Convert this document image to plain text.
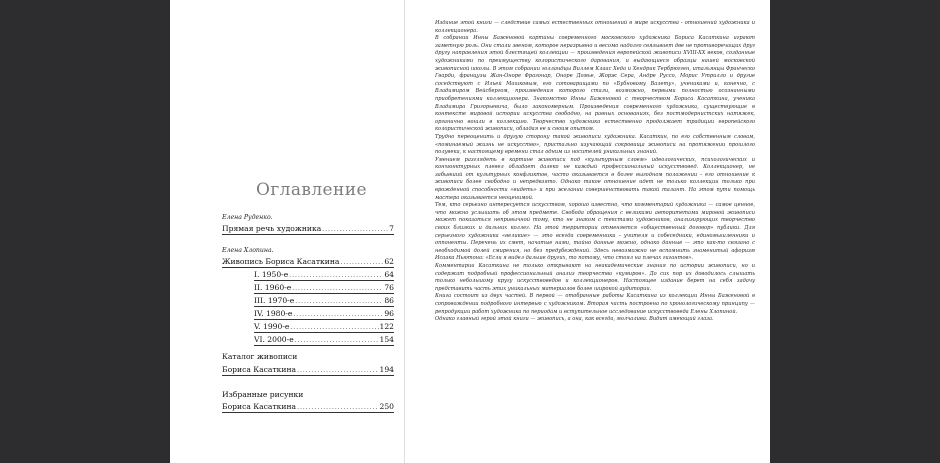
Оглавление
Елена Руденко.
Прямая речь художника .....	7
Елена Хлопина.
Живопись Бориса Касаткина .....	62
I. 1950-е .....	64
II. 1960-е .....	76
III. 1970-е .....	86
IV. 1980-е .....	96
V. 1990-е .....	122
VI. 2000-е .....	154
Каталог живописи
Бориса Касаткина .....	194
Избранные рисунки
Бориса Касаткина .....	250

Издание этой книги — следствие самых естественных отношений в мире искусства - отношений художника и коллекционера.

В собрании Инны Баженовой картины современного московского художника Бориса Касаткина играют заметную роль. Они стали звеном, которое неразрывно и весомо надолго связывает две не противоречащих друг другу направления этой блестящей коллекции — произведения европейской живописи XVIII-XX веков, созданные художниками по преимуществу колористического дарования, и выдающиеся образцы нашей московской живописной школы. В этом собрании голландцы Виллем Клаас Хеда и Хендрик Тербрюгген, итальянцы Франческо Гварди, французы Жан-Оноре Фрагонар, Оноре Домье, Жорж Сера, Андре Руссо, Морис Утрилло и другие соседствуют с Ильей Машковым, его сотоварищами по «Бубновому Валету», учениками и, конечно, с Владимиром Вейсбергом, произведения которого стали, возможно, первыми полностью осознанными приобретениями коллекционера. Знакомство Инны Баженовой с творчеством Бориса Касаткина, ученика Владимира Григорьевича, было закономерным. Произведения современного художника, существующие в контексте мировой истории искусства свободно, на равных основаниях, без постмодернистских натяжек, органично вошли в коллекцию. Творчество художника естественно продолжает традиции европейского колористической живописи, обладая ее и своим опытом.

Трудно переоценить и другую сторону такой живописи художника. Касаткин, по его собственным словам, «поминаемый жизнь не искусство», пристально изучающий сокровища живописи на протяжении прошлого полувека, к настоящему времени стал одним из носителей уникальных знаний.

Умением разглядеть в картине живописи под «культурным слоем» идеологических, психологических и конъюнктурных плевел обладает далеко не каждый профессиональный искусствовед. Коллекционер, не забывший от культурных конфликтов, часто оказывается в более выгодном положении - его отношение к живописи более свободно и непредвзято. Однако такое отношение идет не только коллекции только при врожденной способности «видеть» и при желании совершенствовать такой талант. На этом пути помощь мастера оказывается неоценимой.

Тем, кто серьезно интересуется искусством, хорошо известно, что комментарий художника — самое ценное, что можно услышать об этом предмете. Свобода обращения с великими авторитетами мировой живописи может показаться непривычной тому, кто не знаком с текстами художников, анализирующих творчество своих близких и дальних коллег. На этой территории отменяется «общественный договор» публики. Для серьезного художника «великие» — это всегда современники - учителя и собеседники, единомышленники и оппоненты. Перечень их смет, начатые нами, тайно данные можно, однако данные — это как-то связано с необходимой долей смирения, но без предубеждений. Здесь невозможно не вспомнить знаменитый афоризм Исаака Ньютона: «Если я видел дальше других, то потому, что стоял на плечах гигантов».

Комментарии Касаткина не только открывают на неакадемические знания по истории живописи, но и содержат подробный профессиональный анализ творчества «кумиров». До сих пор их доводилось слышать только небольшому кругу искусствоведов и коллекционеров. Настоящее издание берет на себя задачу представить часть этих уникальных материалов более широкой аудитории.

Книга состоит из двух частей. В первой — отобранные работы Касаткина из коллекции Инны Баженовой в сопровождении подробного интервью с художником. Вторая часть построена по хронологическому принципу — репродукции работ художника по периодам и вступительное исследование искусствоведа Елены Хлопиной.

Однако главный герой этой книги — живопись, а она, как всегда, молчалива. Видит имеющий глаза.
